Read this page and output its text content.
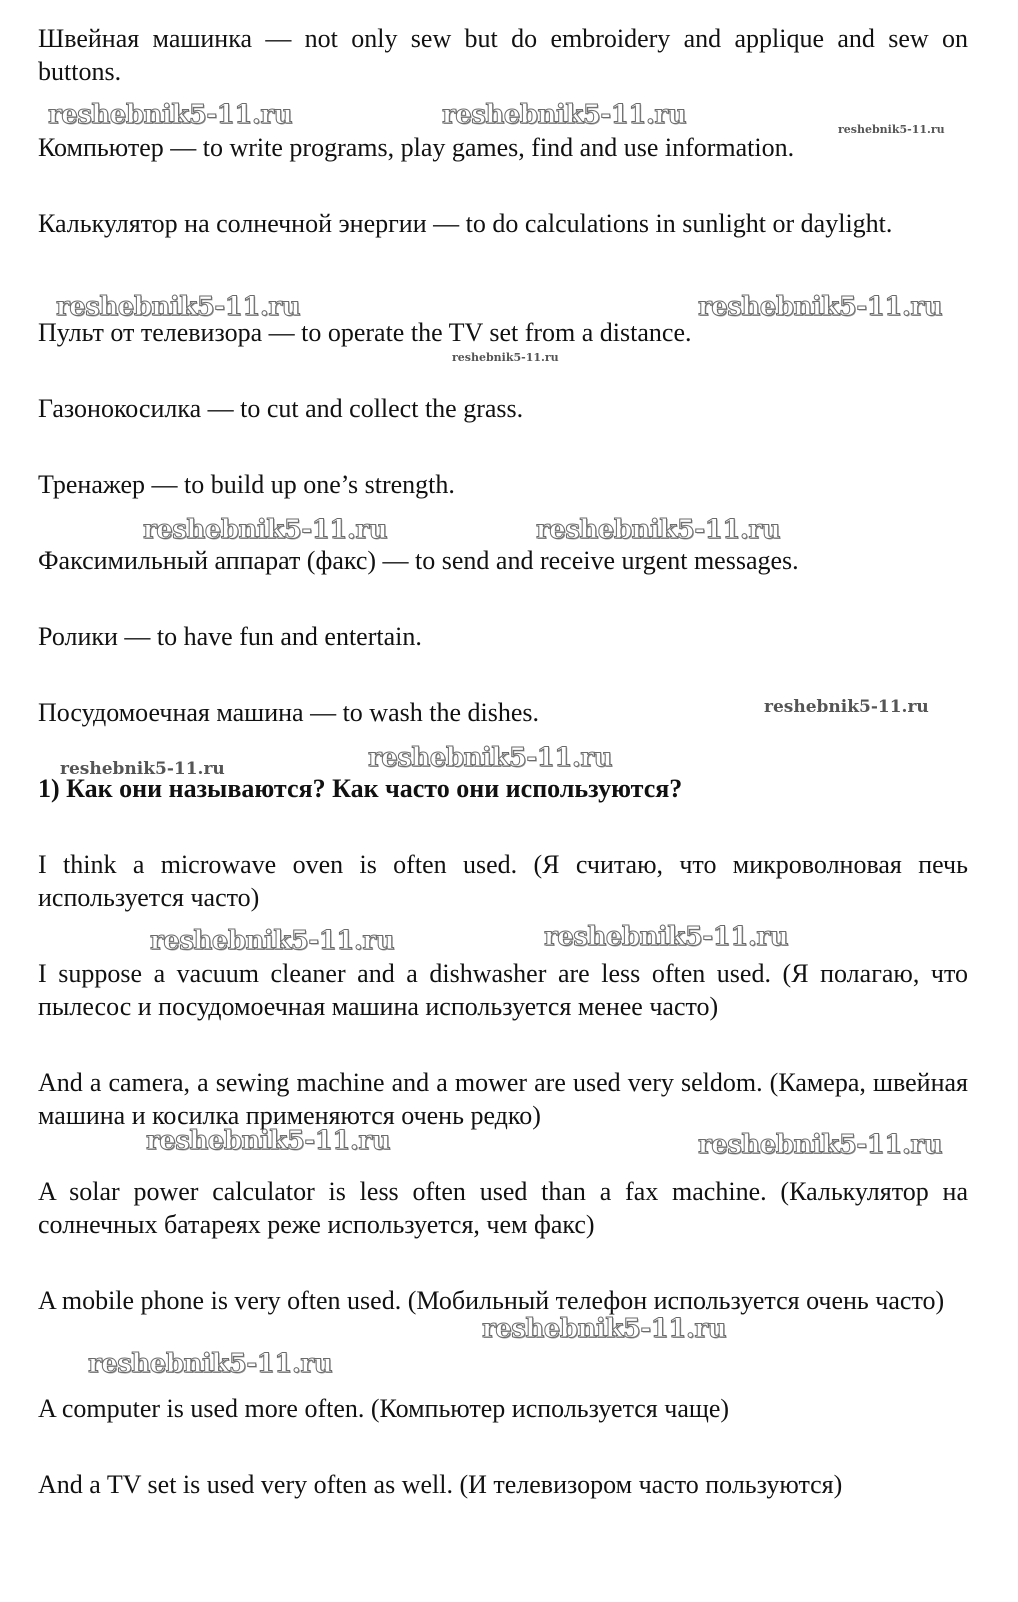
Швейная машинка — not only sew but do embroidery and applique and sew on buttons.

Компьютер — to write programs, play games, find and use information.

Калькулятор на солнечной энергии — to do calculations in sunlight or daylight.

Пульт от телевизора — to operate the TV set from a distance.

Газонокосилка — to cut and collect the grass.

Тренажер — to build up one’s strength.

Факсимильный аппарат (факс) — to send and receive urgent messages.

Ролики — to have fun and entertain.

Посудомоечная машина — to wash the dishes.

1) Как они называются? Как часто они используются?

I think a microwave oven is often used. (Я считаю, что микроволновая печь используется часто)

I suppose a vacuum cleaner and a dishwasher are less often used. (Я полагаю, что пылесос и посудомоечная машина используется менее часто)

And a camera, a sewing machine and a mower are used very seldom. (Камера, швейная машина и косилка применяются очень редко)

A solar power calculator is less often used than a fax machine. (Калькулятор на солнечных батареях реже используется, чем факс)

A mobile phone is very often used. (Мобильный телефон используется очень часто)

A computer is used more often. (Компьютер используется чаще)

And a TV set is used very often as well. (И телевизором часто пользуются)

reshebnik5-11.ru	reshebnik5-11.ru	reshebnik5-11.ru
reshebnik5-11.ru	reshebnik5-11.ru
reshebnik5-11.ru
reshebnik5-11.ru	reshebnik5-11.ru
reshebnik5-11.ru
reshebnik5-11.ru
reshebnik5-11.ru
reshebnik5-11.ru	reshebnik5-11.ru
reshebnik5-11.ru	reshebnik5-11.ru
reshebnik5-11.ru
reshebnik5-11.ru
